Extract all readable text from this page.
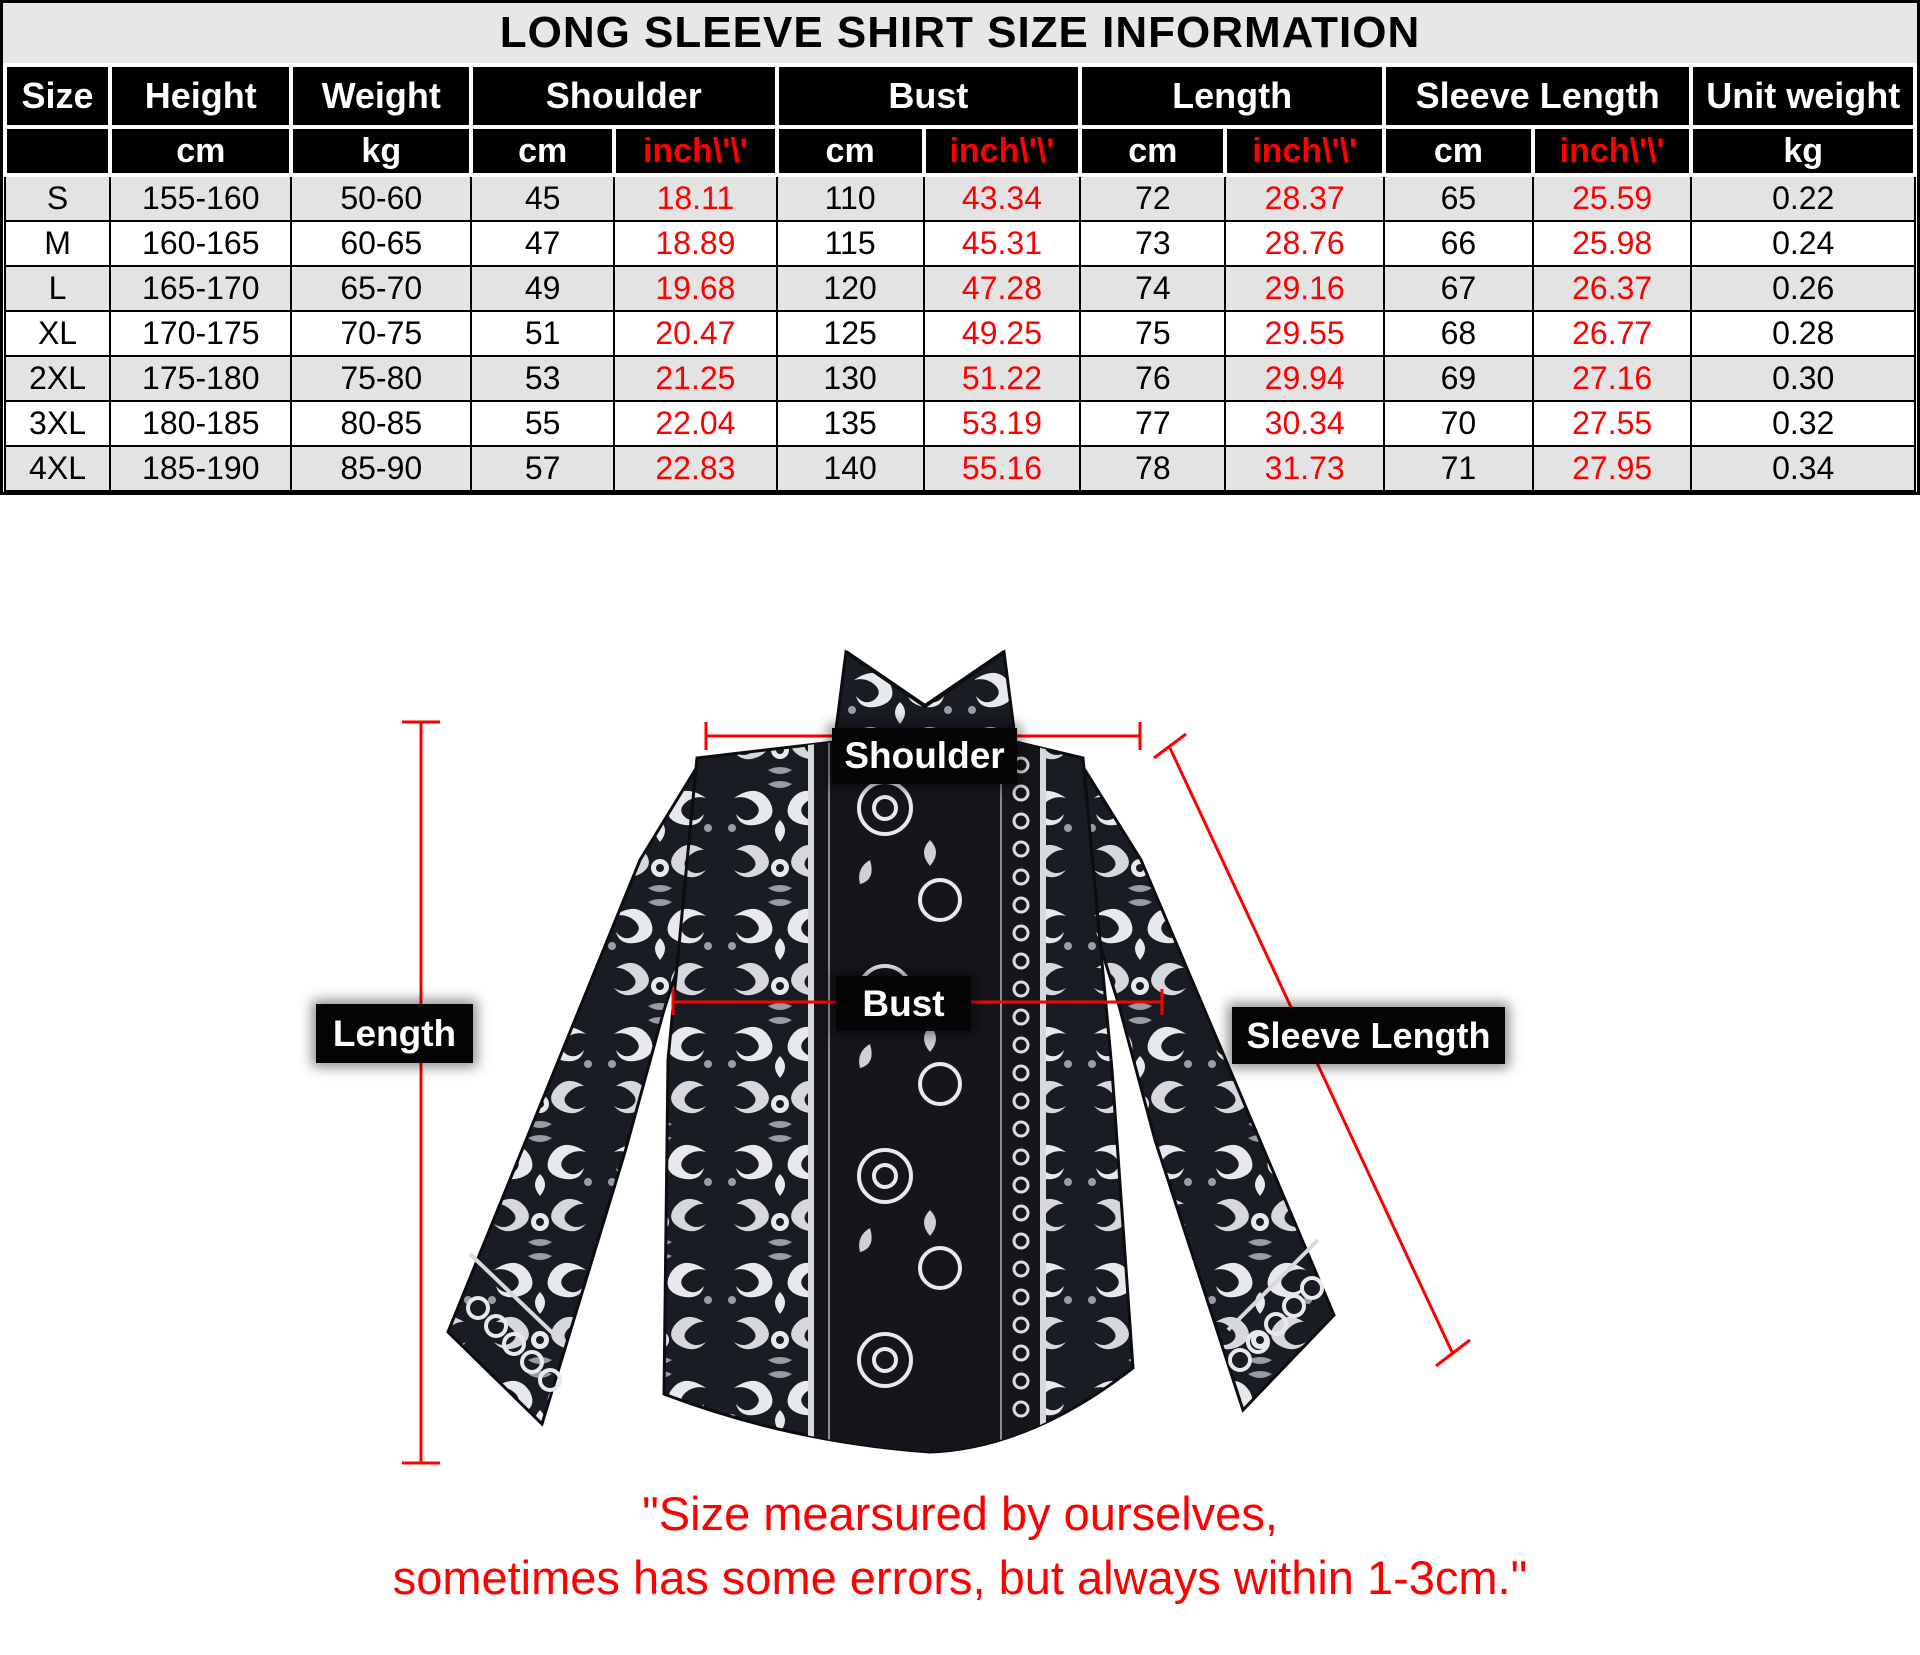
LONG SLEEVE SHIRT SIZE INFORMATION
Size	Height	Weight	Shoulder		Bust		Length		Sleeve Length		Unit weight
	cm	kg	cm	inch\'\'	cm	inch\'\'	cm	inch\'\'	cm	inch\'\'	kg
S	155-160	50-60	45	18.11	110	43.34	72	28.37	65	25.59	0.22
M	160-165	60-65	47	18.89	115	45.31	73	28.76	66	25.98	0.24
L	165-170	65-70	49	19.68	120	47.28	74	29.16	67	26.37	0.26
XL	170-175	70-75	51	20.47	125	49.25	75	29.55	68	26.77	0.28
2XL	175-180	75-80	53	21.25	130	51.22	76	29.94	69	27.16	0.30
3XL	180-185	80-85	55	22.04	135	53.19	77	30.34	70	27.55	0.32
4XL	185-190	85-90	57	22.83	140	55.16	78	31.73	71	27.95	0.34
Shoulder
Bust
Length	Sleeve Length
"Size mearsured by ourselves,
sometimes has some errors, but always within 1-3cm."
